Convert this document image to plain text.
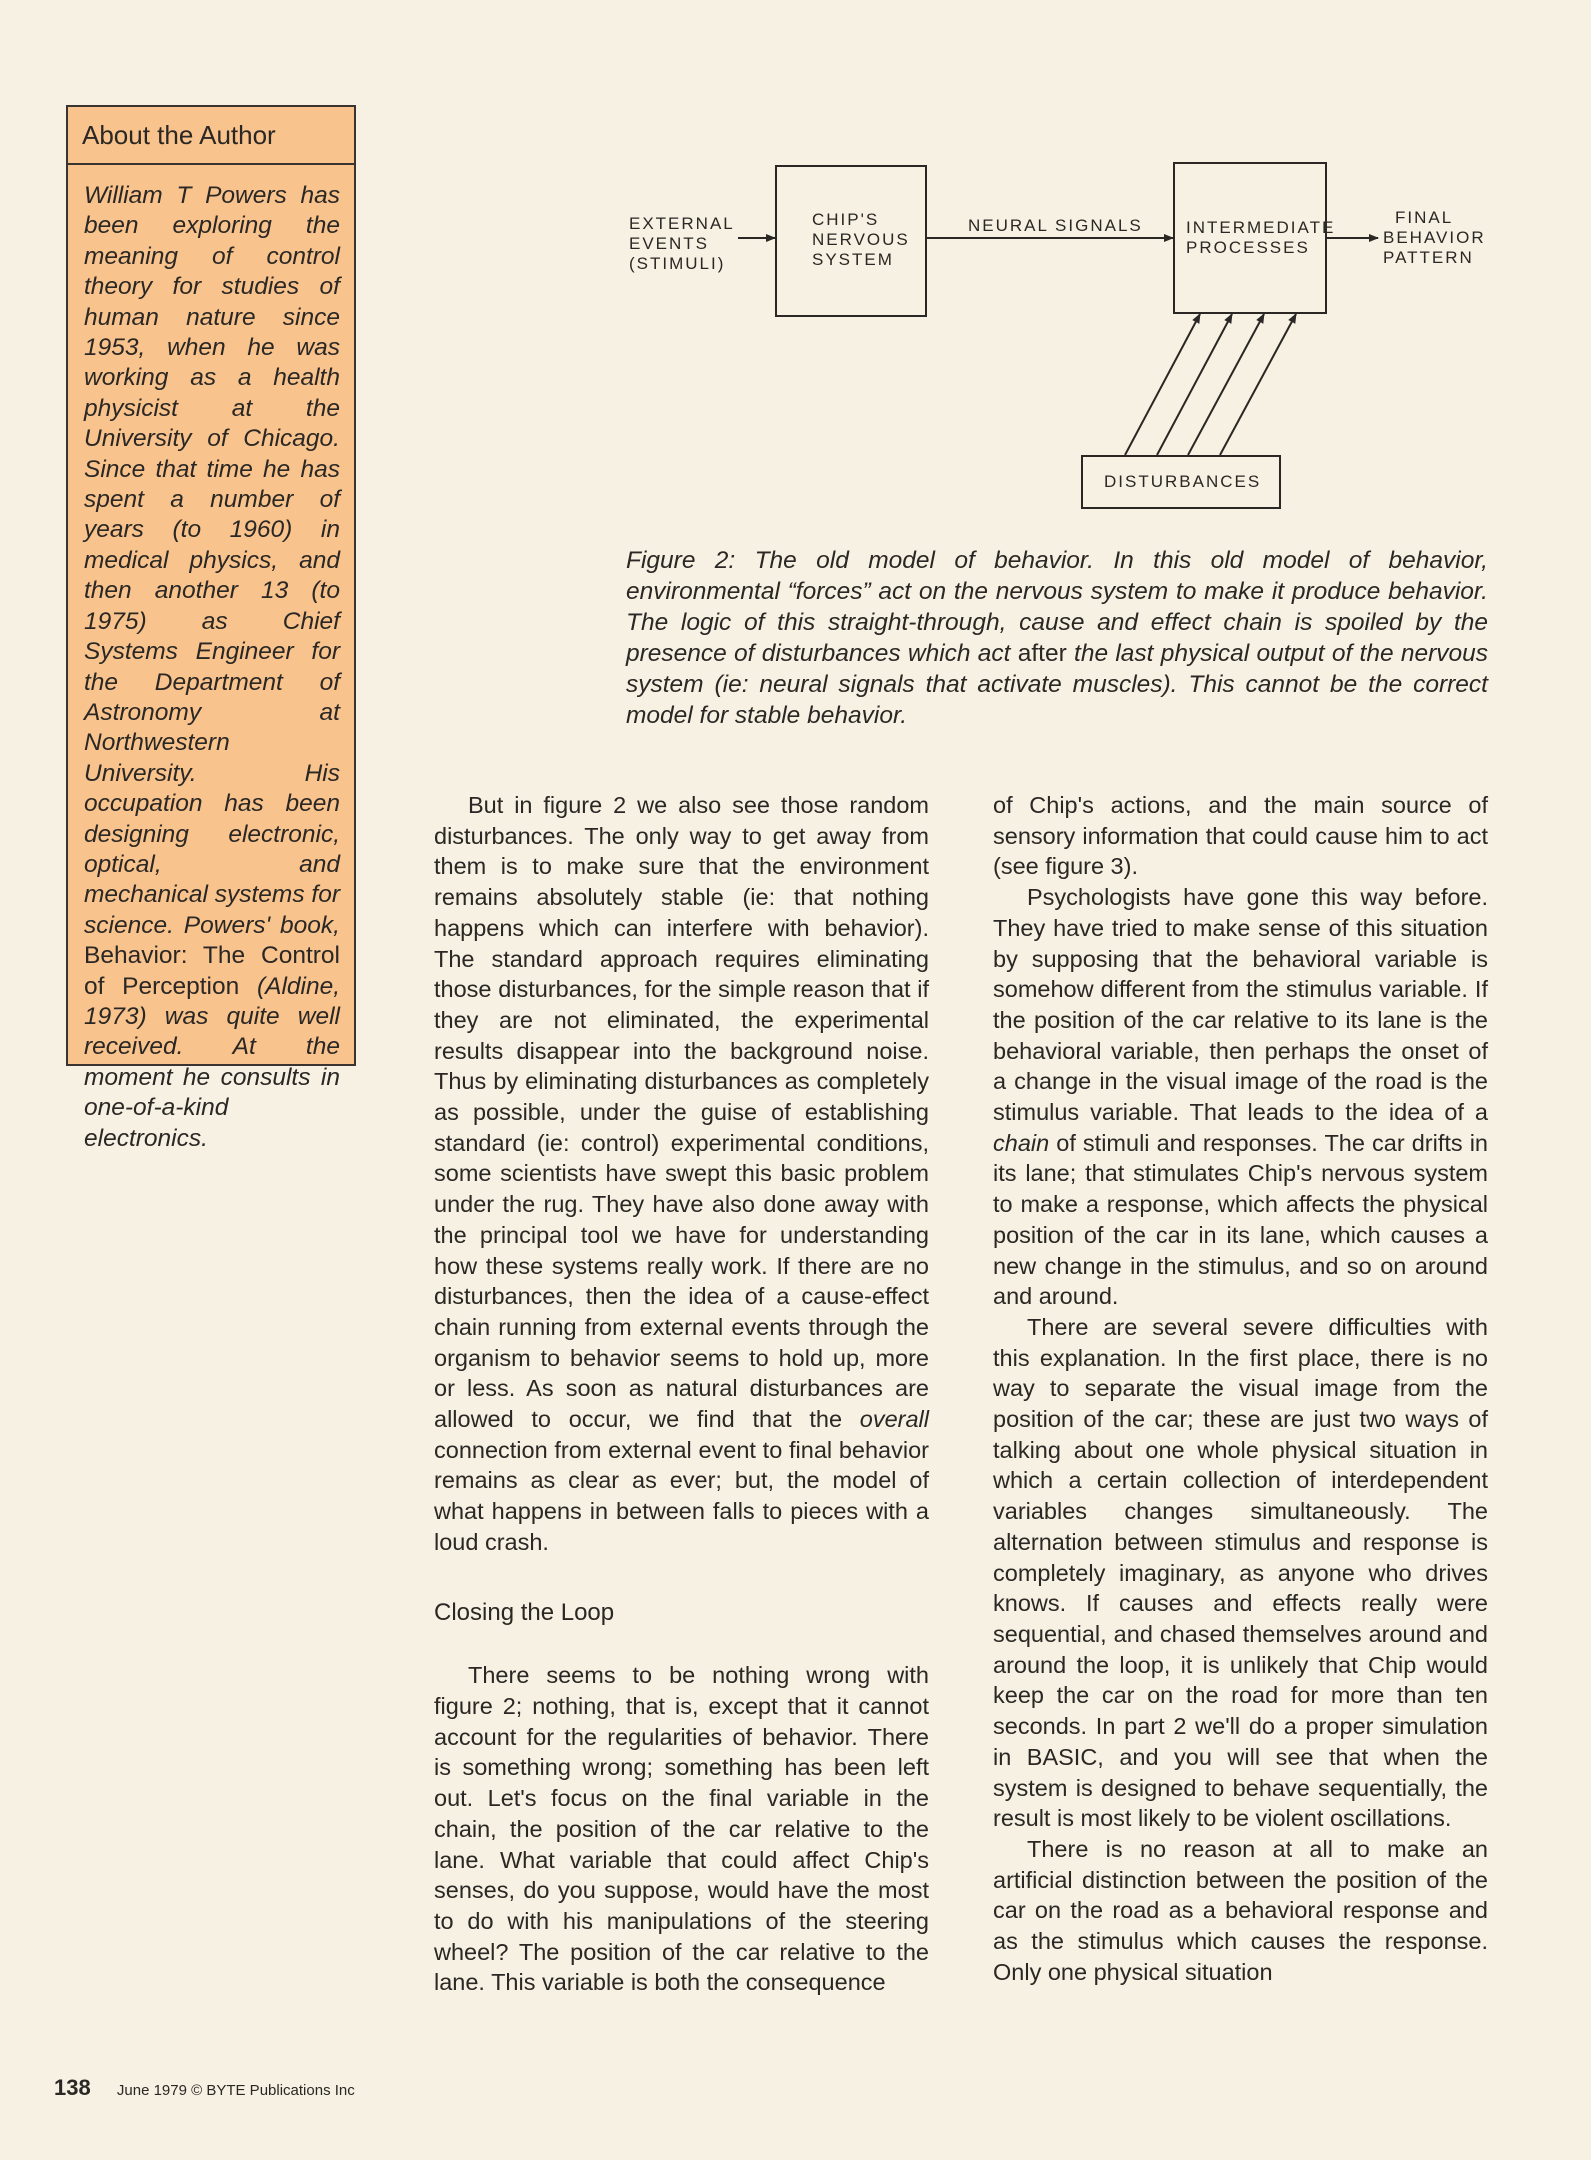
About the Author
William T Powers has been exploring the meaning of control theory for studies of human nature since 1953, when he was working as a health physicist at the University of Chicago. Since that time he has spent a number of years (to 1960) in medical physics, and then another 13 (to 1975) as Chief Systems Engineer for the Department of Astronomy at Northwestern University. His occupation has been designing electronic, optical, and mechanical systems for science. Powers' book, Behavior: The Control of Perception (Aldine, 1973) was quite well received. At the moment he consults in one-of-a-kind electronics.
EXTERNAL
EVENTS
(STIMULI)
CHIP'S
NERVOUS
SYSTEM
NEURAL SIGNALS	INTERMEDIATE
PROCESSES
FINAL
BEHAVIOR
PATTERN
DISTURBANCES
Figure 2: The old model of behavior. In this old model of behavior, environmental “forces” act on the nervous system to make it produce behavior. The logic of this straight-through, cause and effect chain is spoiled by the presence of disturbances which act after the last physical output of the nervous system (ie: neural signals that activate muscles). This cannot be the correct model for stable behavior.

But in figure 2 we also see those random disturbances. The only way to get away from them is to make sure that the environment remains absolutely stable (ie: that nothing happens which can interfere with behavior). The standard approach requires eliminating those disturbances, for the simple reason that if they are not eliminated, the experimental results disappear into the background noise. Thus by eliminating disturbances as completely as possible, under the guise of establishing standard (ie: control) experimental conditions, some scientists have swept this basic problem under the rug. They have also done away with the principal tool we have for understanding how these systems really work. If there are no disturbances, then the idea of a cause-effect chain running from external events through the organism to behavior seems to hold up, more or less. As soon as natural disturbances are allowed to occur, we find that the overall connection from external event to final behavior remains as clear as ever; but, the model of what happens in between falls to pieces with a loud crash.

Closing the Loop

There seems to be nothing wrong with figure 2; nothing, that is, except that it cannot account for the regularities of behavior. There is something wrong; something has been left out. Let's focus on the final variable in the chain, the position of the car relative to the lane. What variable that could affect Chip's senses, do you suppose, would have the most to do with his manipulations of the steering wheel? The position of the car relative to the lane. This variable is both the consequence

of Chip's actions, and the main source of sensory information that could cause him to act (see figure 3).

Psychologists have gone this way before. They have tried to make sense of this situation by supposing that the behavioral variable is somehow different from the stimulus variable. If the position of the car relative to its lane is the behavioral variable, then perhaps the onset of a change in the visual image of the road is the stimulus variable. That leads to the idea of a chain of stimuli and responses. The car drifts in its lane; that stimulates Chip's nervous system to make a response, which affects the physical position of the car in its lane, which causes a new change in the stimulus, and so on around and around.

There are several severe difficulties with this explanation. In the first place, there is no way to separate the visual image from the position of the car; these are just two ways of talking about one whole physical situation in which a certain collection of interdependent variables changes simultaneously. The alternation between stimulus and response is completely imaginary, as anyone who drives knows. If causes and effects really were sequential, and chased themselves around and around the loop, it is unlikely that Chip would keep the car on the road for more than ten seconds. In part 2 we'll do a proper simulation in BASIC, and you will see that when the system is designed to behave sequentially, the result is most likely to be violent oscillations.

There is no reason at all to make an artificial distinction between the position of the car on the road as a behavioral response and as the stimulus which causes the response. Only one physical situation

138 June 1979 © BYTE Publications Inc
